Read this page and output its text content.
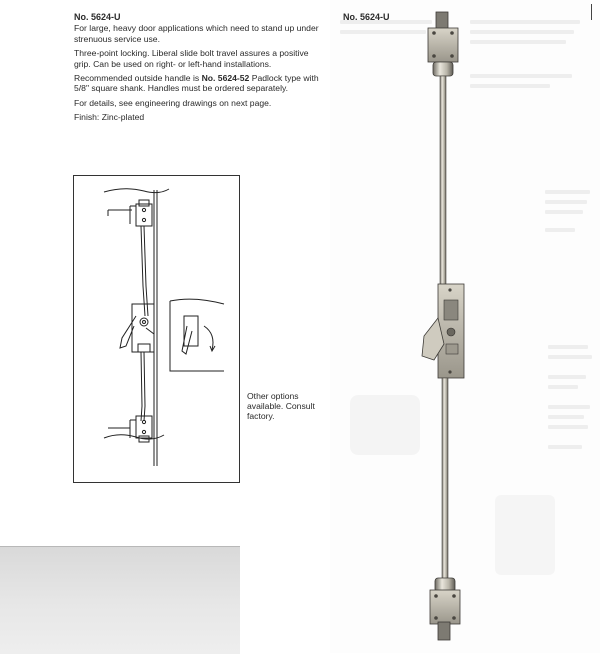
No. 5624-U

For large, heavy door applications which need to stand up under strenuous service use.

Three-point locking. Liberal slide bolt travel assures a positive grip. Can be used on right- or left-hand installations.

Recommended outside handle is No. 5624-52 Padlock type with 5/8" square shank. Handles must be ordered separately.

For details, see engineering drawings on next page.

Finish: Zinc-plated

No. 5624-U
Other options available. Consult factory.
